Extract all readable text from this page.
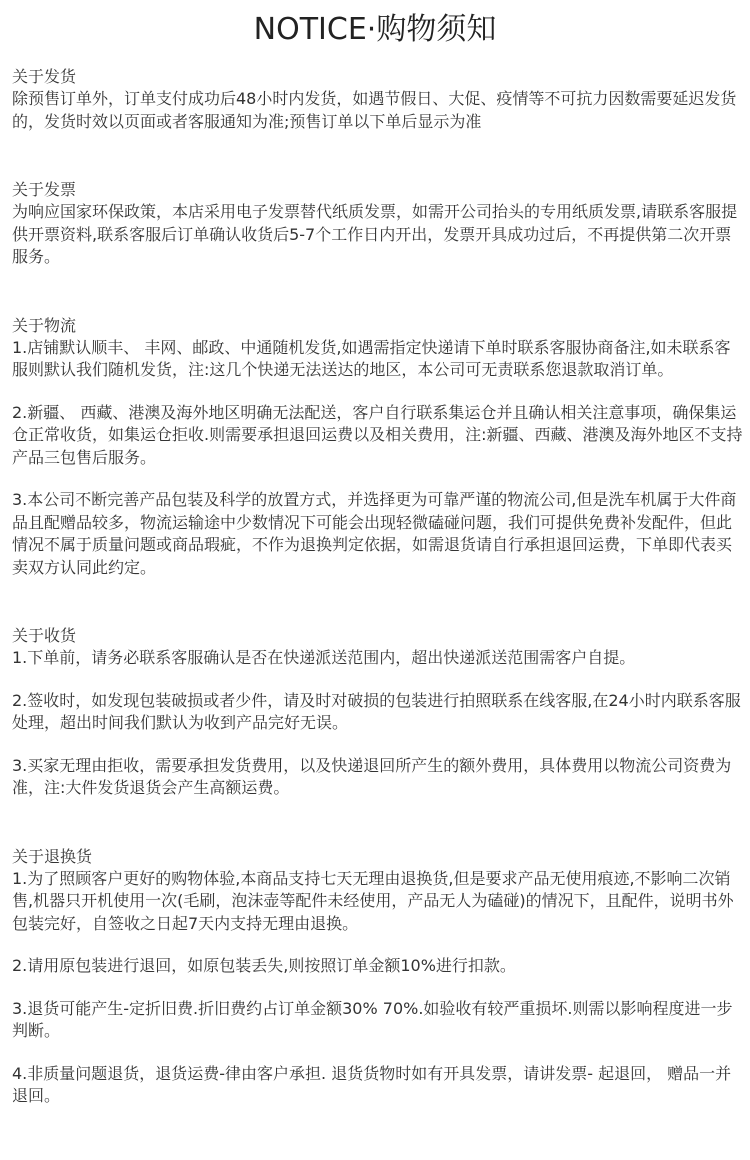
NOTICE·购物须知

关于发货

除预售订单外，订单支付成功后48小时内发货，如遇节假日、大促、疫情等不可抗力因数需要延迟发货的，发货时效以页面或者客服通知为准;预售订单以下单后显示为准

关于发票

为响应国家环保政策，本店采用电子发票替代纸质发票，如需开公司抬头的专用纸质发票,请联系客服提供开票资料,联系客服后订单确认收货后5-7个工作日内开出，发票开具成功过后，不再提供第二次开票服务。

关于物流

1.店铺默认顺丰、 丰网、邮政、中通随机发货,如遇需指定快递请下单时联系客服协商备注,如未联系客服则默认我们随机发货，注:这几个快递无法送达的地区，本公司可无责联系您退款取消订单。

2.新疆、 西藏、港澳及海外地区明确无法配送，客户自行联系集运仓并且确认相关注意事项，确保集运仓正常收货，如集运仓拒收.则需要承担退回运费以及相关费用，注:新疆、西藏、港澳及海外地区不支持产品三包售后服务。

3.本公司不断完善产品包装及科学的放置方式，并选择更为可靠严谨的物流公司,但是洗车机属于大件商品且配赠品较多，物流运输途中少数情况下可能会出现轻微磕碰问题，我们可提供免费补发配件，但此情况不属于质量问题或商品瑕疵，不作为退换判定依据，如需退货请自行承担退回运费，下单即代表买卖双方认同此约定。

关于收货

1.下单前，请务必联系客服确认是否在快递派送范围内，超出快递派送范围需客户自提。

2.签收时，如发现包装破损或者少件，请及时对破损的包装进行拍照联系在线客服,在24小时内联系客服处理，超出时间我们默认为收到产品完好无误。

3.买家无理由拒收，需要承担发货费用，以及快递退回所产生的额外费用，具体费用以物流公司资费为准，注:大件发货退货会产生高额运费。

关于退换货

1.为了照顾客户更好的购物体验,本商品支持七天无理由退换货,但是要求产品无使用痕迹,不影响二次销售,机器只开机使用一次(毛刷，泡沫壶等配件未经使用，产品无人为磕碰)的情况下，且配件，说明书外包装完好，自签收之日起7天内支持无理由退换。

2.请用原包装进行退回，如原包装丢失,则按照订单金额10%进行扣款。

3.退货可能产生-定折旧费.折旧费约占订单金额30% 70%.如验收有较严重损坏.则需以影响程度进一步判断。

4.非质量问题退货，退货运费-律由客户承担. 退货货物时如有开具发票，请讲发票- 起退回， 赠品一并退回。
